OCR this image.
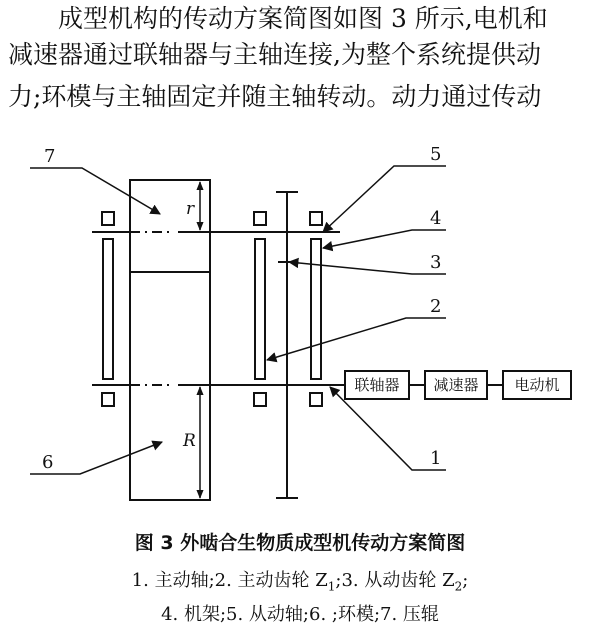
成型机构的传动方案简图如图 3 所示,电机和
减速器通过联轴器与主轴连接,为整个系统提供动
力;环模与主轴固定并随主轴转动。动力通过传动
联轴器 减速器 电动机
r
R
7	5
4
3
2
6	1
图 3 外啮合生物质成型机传动方案简图
1. 主动轴;2. 主动齿轮 $Z_1;3$. 从动齿轮 $Z_2$;
4. 机架;5. 从动轴;6. ;环模;7. 压辊
